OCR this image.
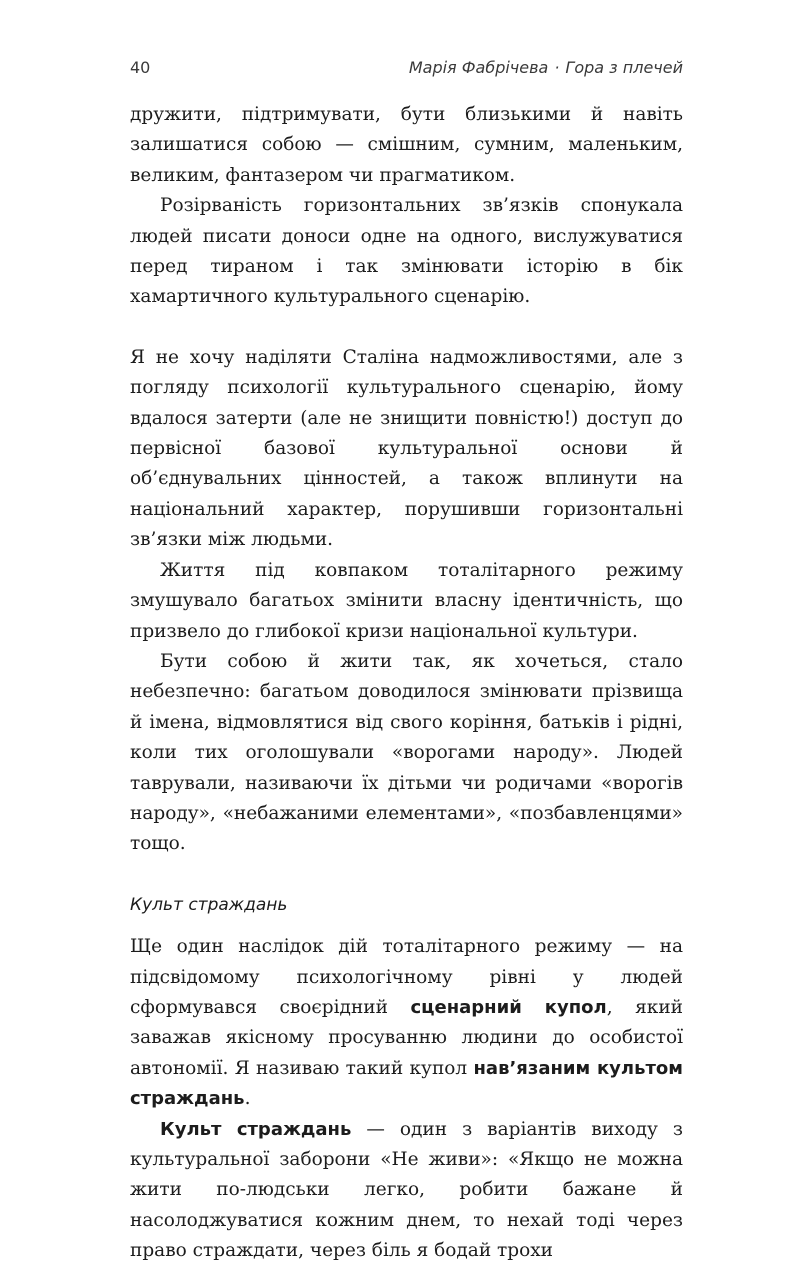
40	Марія Фабрічева · Гора з плечей

дружити, підтримувати, бути близькими й навіть залишатися собою — смішним, сумним, маленьким, великим, фантазером чи прагматиком.

Розірваність горизонтальних зв’язків спонукала людей писати доноси одне на одного, вислужуватися перед тираном і так змінювати історію в бік хамартичного культурального сценарію.

Я не хочу наділяти Сталіна надможливостями, але з погляду психології культурального сценарію, йому вдалося затерти (але не знищити повністю!) доступ до первісної базової культуральної основи й об’єднувальних цінностей, а також вплинути на національний характер, порушивши горизонтальні зв’язки між людьми.

Життя під ковпаком тоталітарного режиму змушувало багатьох змінити власну ідентичність, що призвело до глибокої кризи національної культури.

Бути собою й жити так, як хочеться, стало небезпечно: багатьом доводилося змінювати прізвища й імена, відмовлятися від свого коріння, батьків і рідні, коли тих оголошували «ворогами народу». Людей таврували, називаючи їх дітьми чи родичами «ворогів народу», «небажаними елементами», «позбавленцями» тощо.

Культ страждань

Ще один наслідок дій тоталітарного режиму — на підсвідомому психологічному рівні у людей сформувався своєрідний сценарний купол, який заважав якісному просуванню людини до особистої автономії. Я називаю такий купол нав’язаним культом страждань.

Культ страждань — один з варіантів виходу з культуральної заборони «Не живи»: «Якщо не можна жити по-людськи легко, робити бажане й насолоджуватися кожним днем, то нехай тоді через право страждати, через біль я бодай трохи
